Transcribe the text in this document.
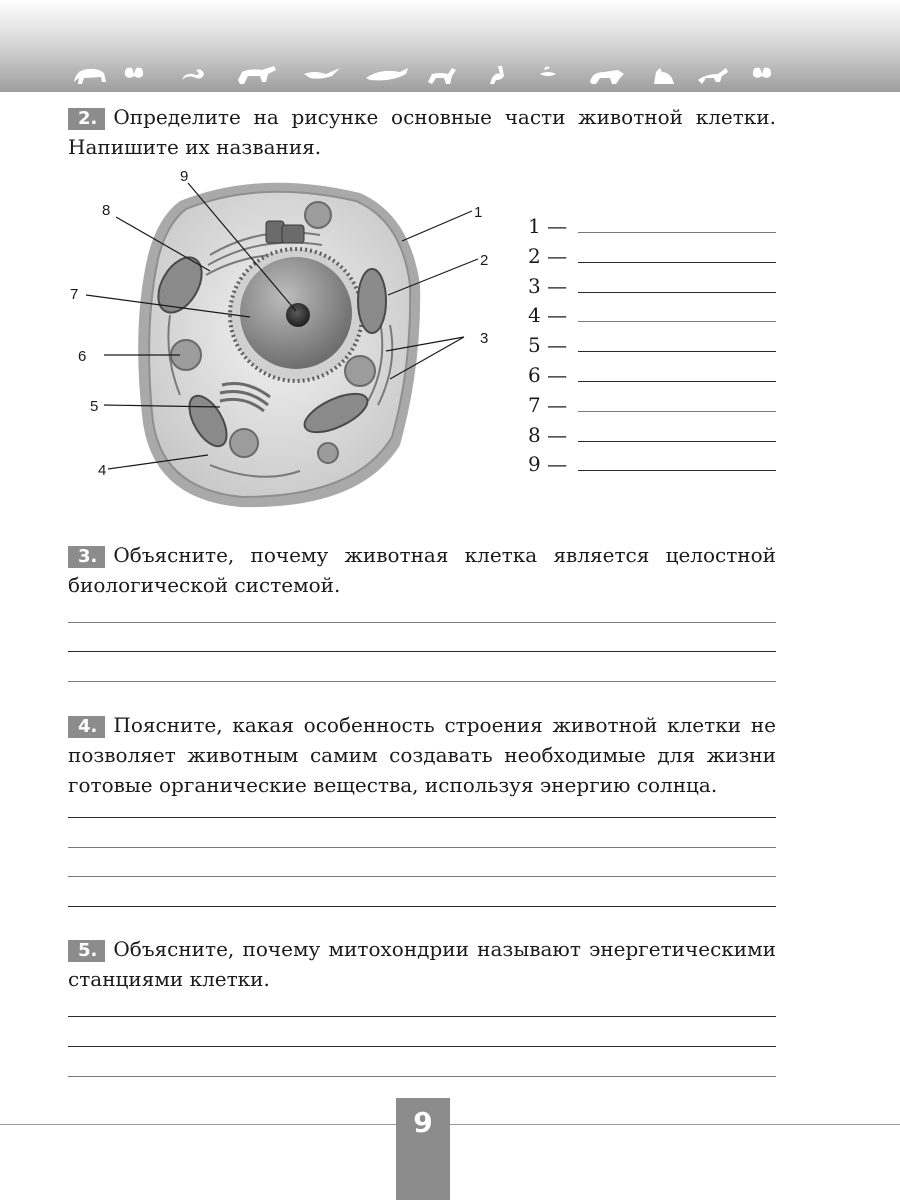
2. Определите на рисунке основные части животной клетки. Напишите их названия.
1
2
3
4
5
6
7
8
9
1 —
2 —
3 —
4 —
5 —
6 —
7 —
8 —
9 —
3. Объясните, почему животная клетка является целостной биологической системой.
4. Поясните, какая особенность строения животной клетки не позволяет животным самим создавать необходимые для жизни готовые органические вещества, используя энергию солнца.
5. Объясните, почему митохондрии называют энергетическими станциями клетки.
9
